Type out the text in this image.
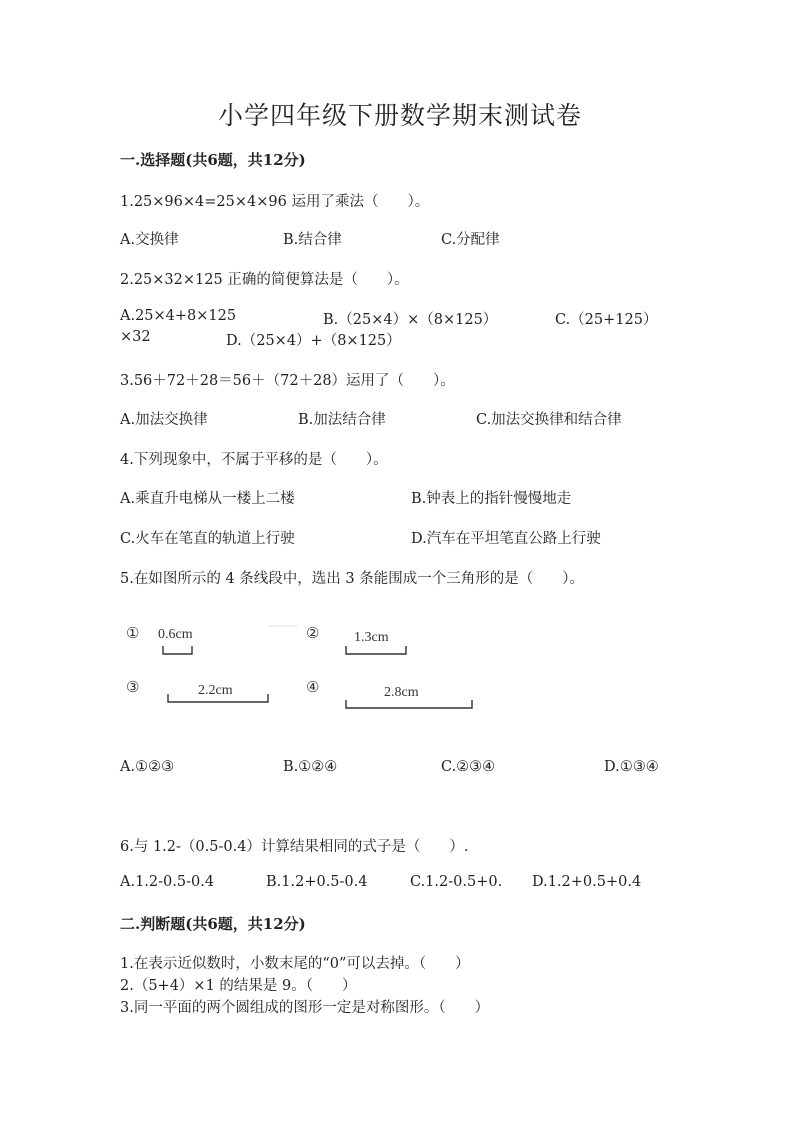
小学四年级下册数学期末测试卷
一.选择题(共6题，共12分)
1.25×96×4=25×4×96 运用了乘法（　　）。
A.交换律	B.结合律	C.分配律
2.25×32×125 正确的简便算法是（　　）。
A.25×4+8×125	B.（25×4）×（8×125）	C.（25+125）
×32	D.（25×4）+（8×125）
3.56＋72＋28＝56＋（72＋28）运用了（　　）。
A.加法交换律	B.加法结合律	C.加法交换律和结合律
4.下列现象中，不属于平移的是（　　）。
A.乘直升电梯从一楼上二楼	B.钟表上的指针慢慢地走
C.火车在笔直的轨道上行驶	D.汽车在平坦笔直公路上行驶
5.在如图所示的 4 条线段中，选出 3 条能围成一个三角形的是（　　）。
① 0.6cm	② 1.3cm
③	2.2cm	④	2.8cm
A.①②③	B.①②④	C.②③④	D.①③④
6.与 1.2-（0.5-0.4）计算结果相同的式子是（　　）.
A.1.2-0.5-0.4	B.1.2+0.5-0.4	C.1.2-0.5+0. D.1.2+0.5+0.4
二.判断题(共6题，共12分)
1.在表示近似数时，小数末尾的“0”可以去掉。（　　）
2.（5+4）×1 的结果是 9。（　　）
3.同一平面的两个圆组成的图形一定是对称图形。（　　）
